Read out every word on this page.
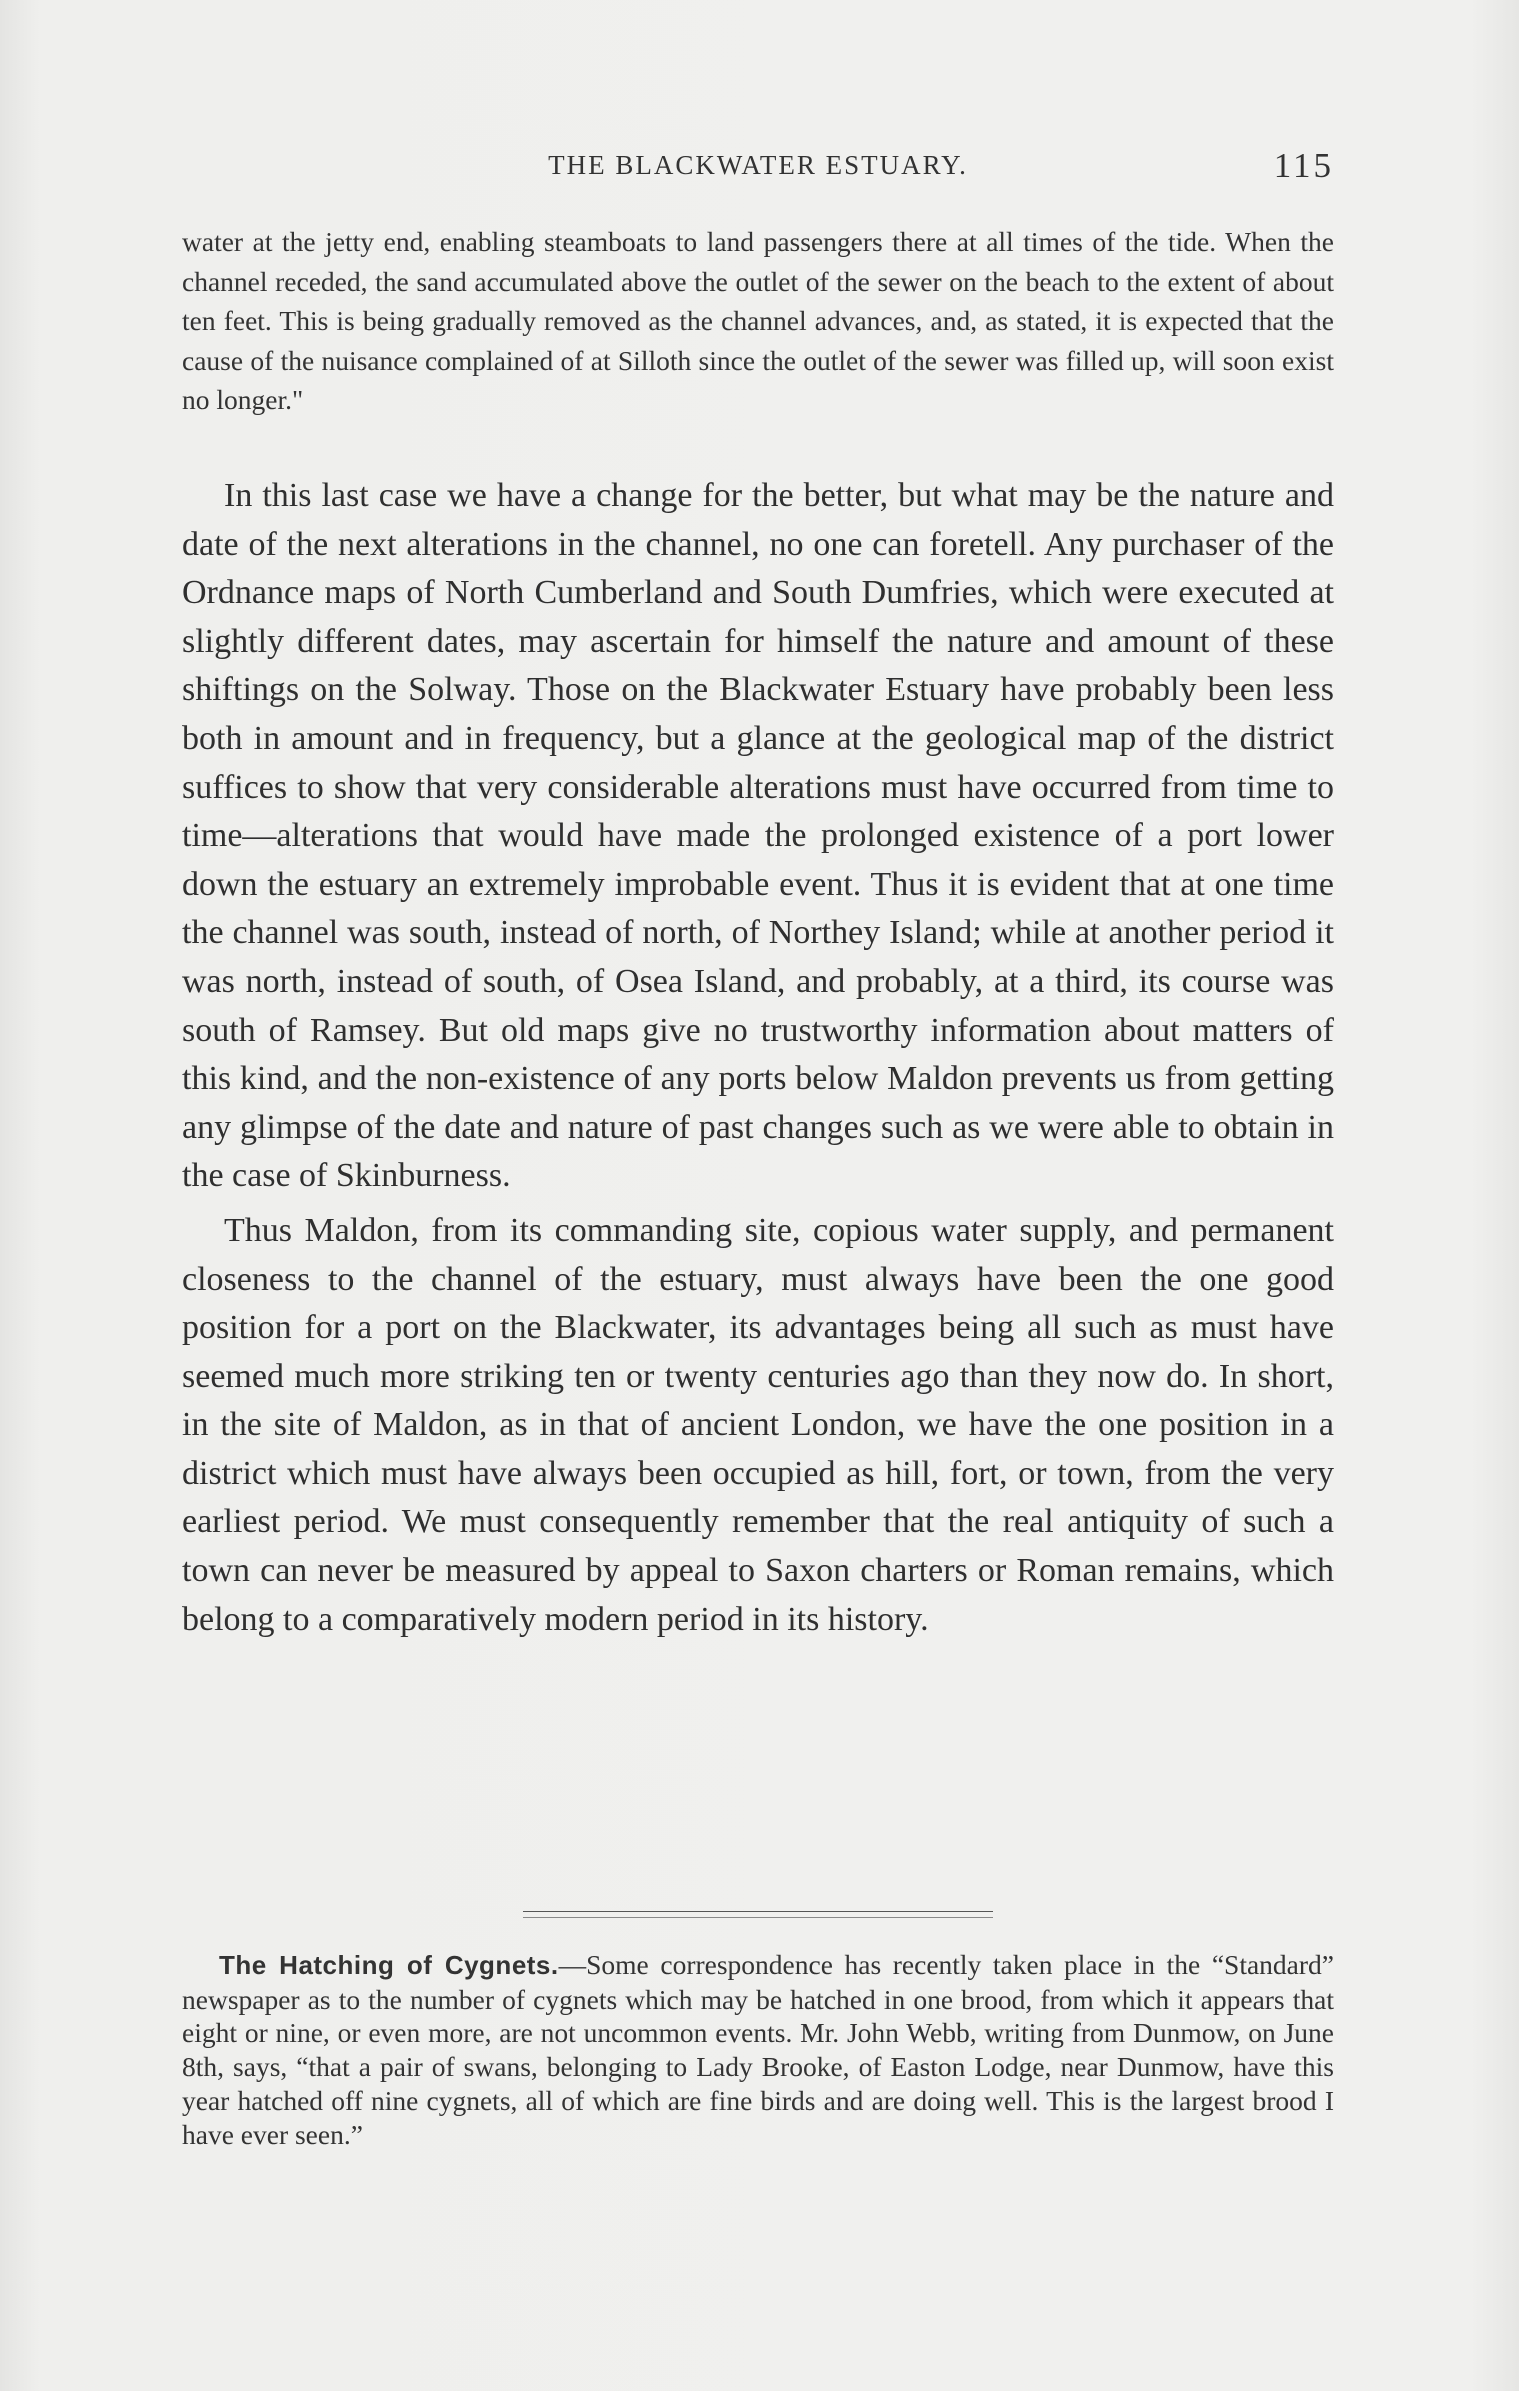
THE BLACKWATER ESTUARY.	115

water at the jetty end, enabling steamboats to land passengers there at all times of the tide. When the channel receded, the sand accumulated above the outlet of the sewer on the beach to the extent of about ten feet. This is being gradually removed as the channel advances, and, as stated, it is expected that the cause of the nuisance complained of at Silloth since the outlet of the sewer was filled up, will soon exist no longer."

In this last case we have a change for the better, but what may be the nature and date of the next alterations in the channel, no one can foretell. Any purchaser of the Ordnance maps of North Cumberland and South Dumfries, which were executed at slightly different dates, may ascertain for himself the nature and amount of these shiftings on the Solway. Those on the Blackwater Estuary have probably been less both in amount and in frequency, but a glance at the geological map of the district suffices to show that very considerable alterations must have occurred from time to time—alterations that would have made the prolonged existence of a port lower down the estuary an extremely improbable event. Thus it is evident that at one time the channel was south, instead of north, of Northey Island; while at another period it was north, instead of south, of Osea Island, and probably, at a third, its course was south of Ramsey. But old maps give no trustworthy information about matters of this kind, and the non-existence of any ports below Maldon prevents us from getting any glimpse of the date and nature of past changes such as we were able to obtain in the case of Skinburness.

Thus Maldon, from its commanding site, copious water supply, and permanent closeness to the channel of the estuary, must always have been the one good position for a port on the Blackwater, its advantages being all such as must have seemed much more striking ten or twenty centuries ago than they now do. In short, in the site of Maldon, as in that of ancient London, we have the one position in a district which must have always been occupied as hill, fort, or town, from the very earliest period. We must consequently remember that the real antiquity of such a town can never be measured by appeal to Saxon charters or Roman remains, which belong to a comparatively modern period in its history.

The Hatching of Cygnets.—Some correspondence has recently taken place in the “Standard” newspaper as to the number of cygnets which may be hatched in one brood, from which it appears that eight or nine, or even more, are not uncommon events. Mr. John Webb, writing from Dunmow, on June 8th, says, “that a pair of swans, belonging to Lady Brooke, of Easton Lodge, near Dunmow, have this year hatched off nine cygnets, all of which are fine birds and are doing well. This is the largest brood I have ever seen.”
